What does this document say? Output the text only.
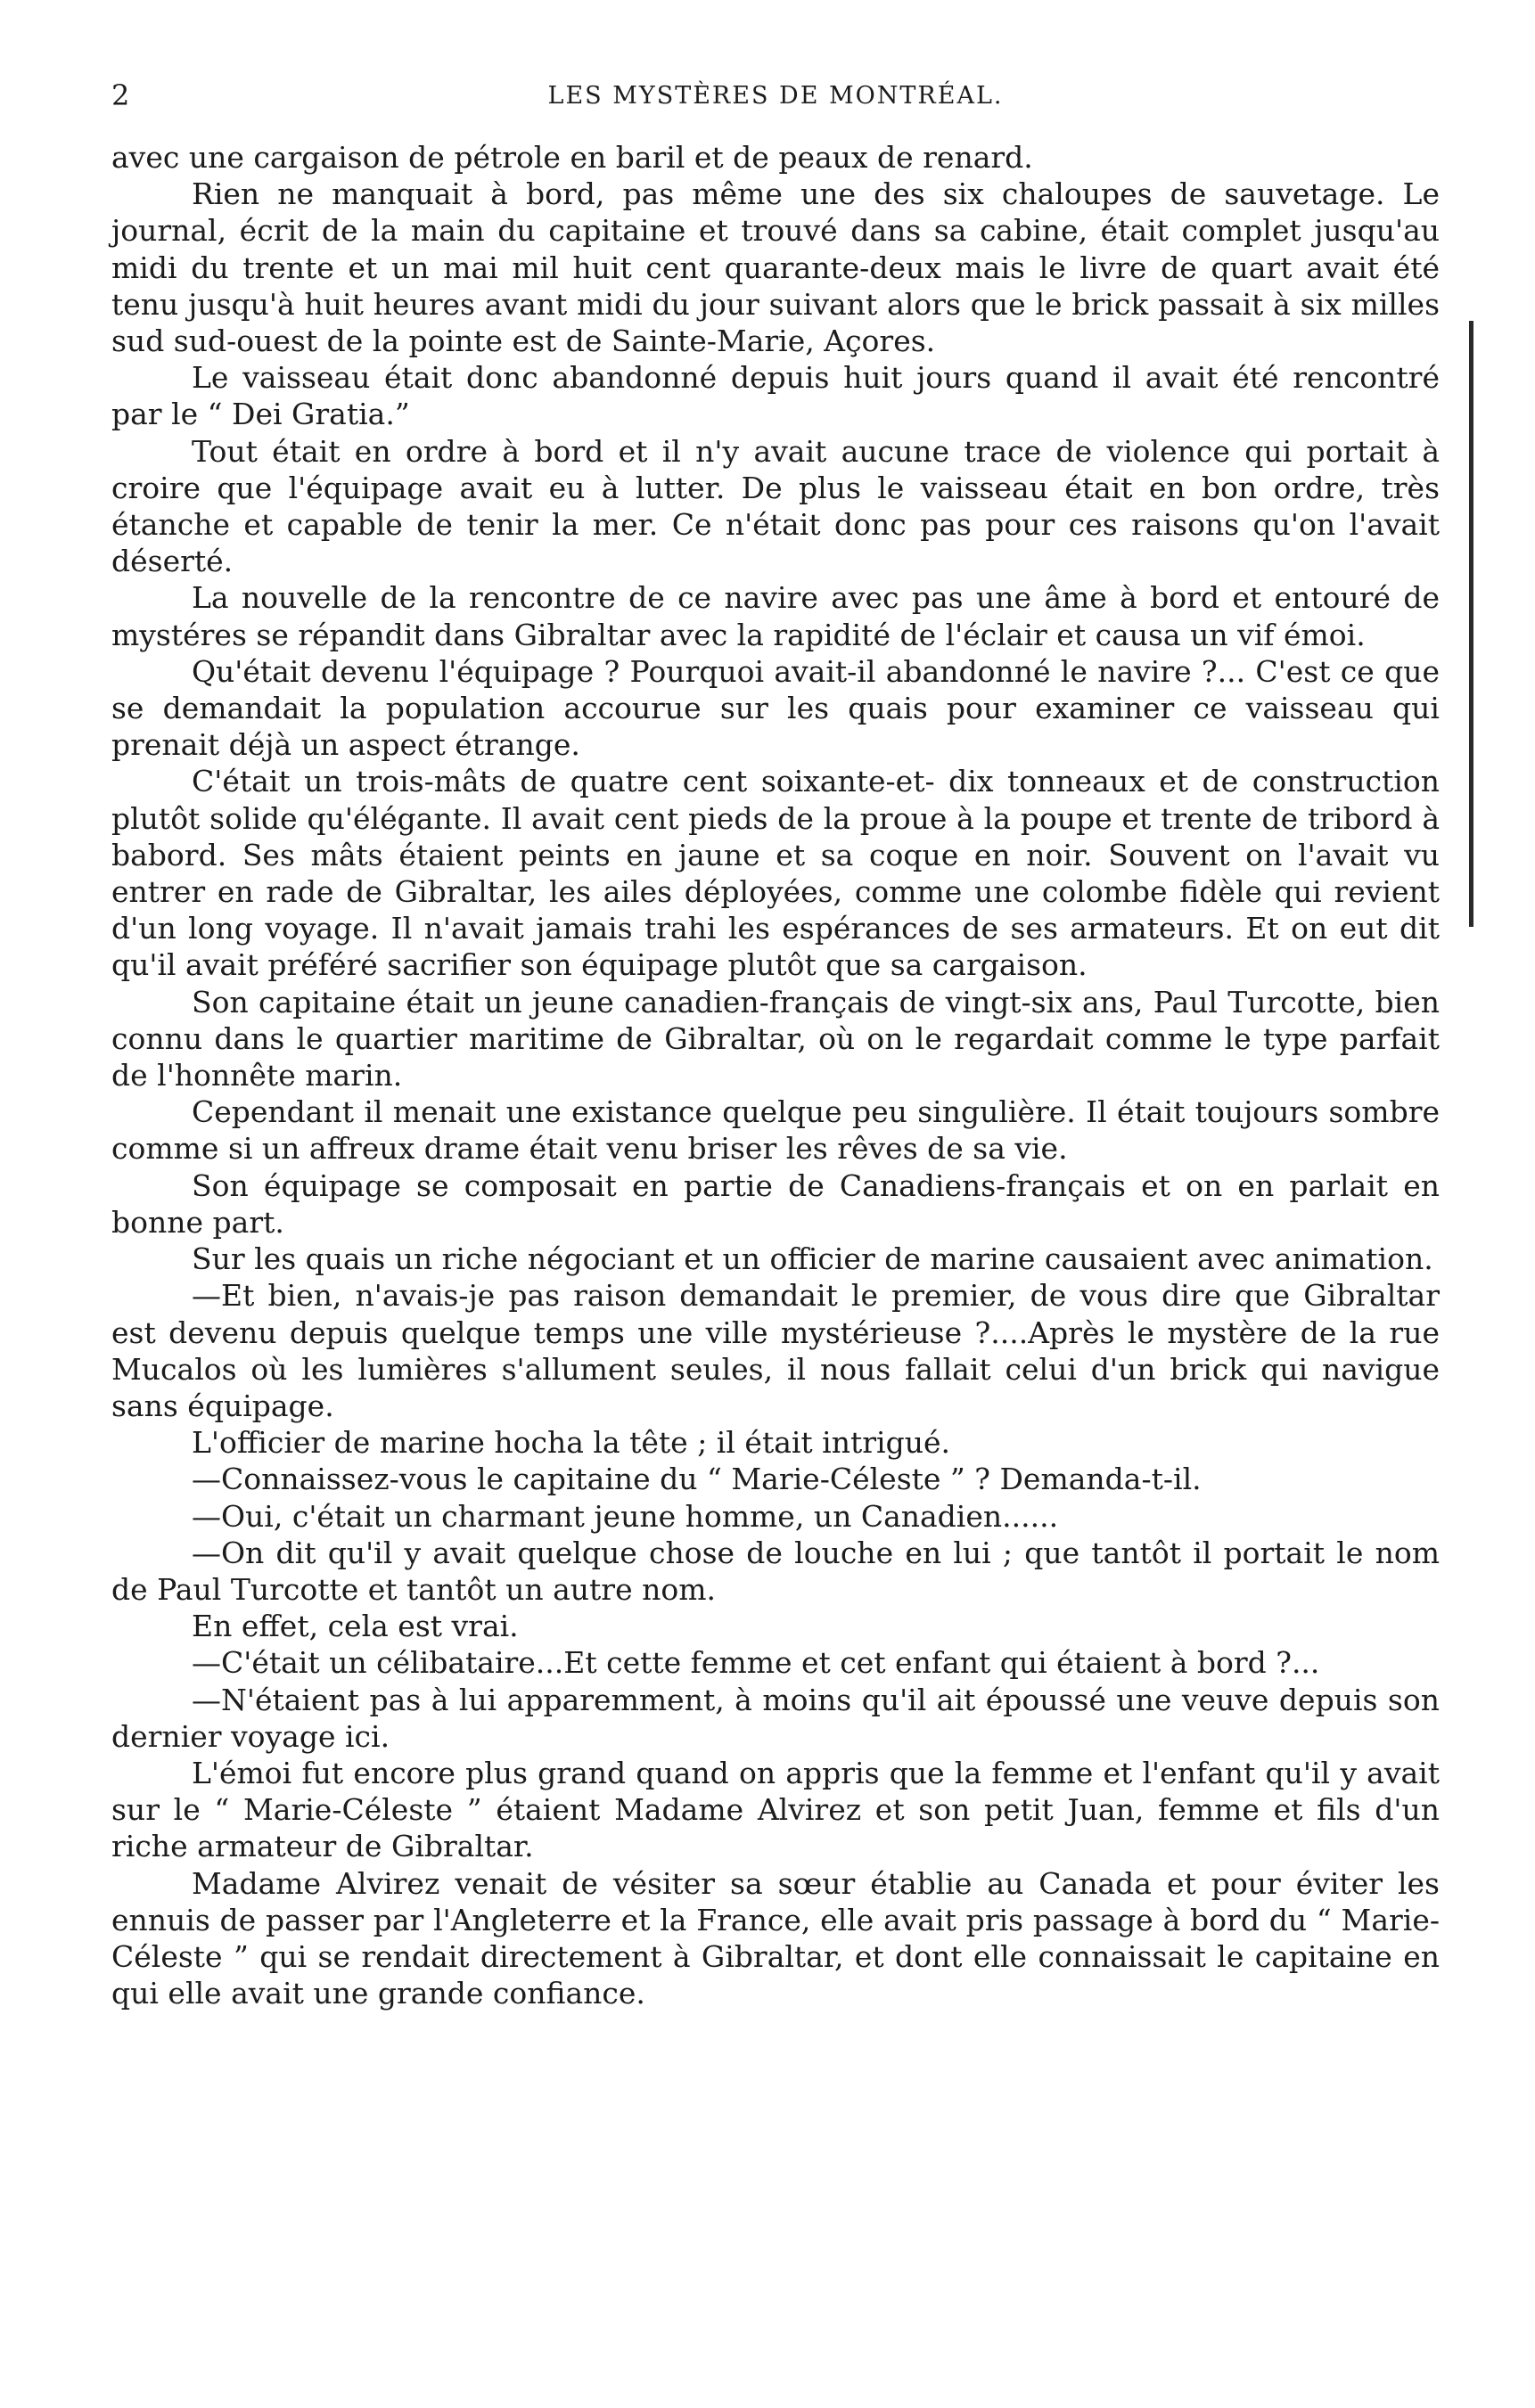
2	LES MYSTÈRES DE MONTRÉAL.

avec une cargaison de pétrole en baril et de peaux de renard.

Rien ne manquait à bord, pas même une des six chaloupes de sauvetage. Le journal, écrit de la main du capitaine et trouvé dans sa cabine, était complet jusqu'au midi du trente et un mai mil huit cent quarante-deux mais le livre de quart avait été tenu jusqu'à huit heures avant midi du jour suivant alors que le brick passait à six milles sud sud-ouest de la pointe est de Sainte-Marie, Açores.

Le vaisseau était donc abandonné depuis huit jours quand il avait été rencontré par le “ Dei Gratia.”

Tout était en ordre à bord et il n'y avait aucune trace de violence qui portait à croire que l'équipage avait eu à lutter. De plus le vaisseau était en bon ordre, très étanche et capable de tenir la mer. Ce n'était donc pas pour ces raisons qu'on l'avait déserté.

La nouvelle de la rencontre de ce navire avec pas une âme à bord et entouré de mystéres se répandit dans Gibraltar avec la rapidité de l'éclair et causa un vif émoi.

Qu'était devenu l'équipage ? Pourquoi avait-il abandonné le navire ?... C'est ce que se demandait la population accourue sur les quais pour examiner ce vaisseau qui prenait déjà un aspect étrange.

C'était un trois-mâts de quatre cent soixante-et- dix tonneaux et de construction plutôt solide qu'élégante. Il avait cent pieds de la proue à la poupe et trente de tribord à babord. Ses mâts étaient peints en jaune et sa coque en noir. Souvent on l'avait vu entrer en rade de Gibraltar, les ailes déployées, comme une colombe fidèle qui revient d'un long voyage. Il n'avait jamais trahi les espérances de ses armateurs. Et on eut dit qu'il avait préféré sacrifier son équipage plutôt que sa cargaison.

Son capitaine était un jeune canadien-français de vingt-six ans, Paul Turcotte, bien connu dans le quartier maritime de Gibraltar, où on le regardait comme le type parfait de l'honnête marin.

Cependant il menait une existance quelque peu singulière. Il était toujours sombre comme si un affreux drame était venu briser les rêves de sa vie.

Son équipage se composait en partie de Canadiens-français et on en parlait en bonne part.

Sur les quais un riche négociant et un officier de marine causaient avec animation.

—Et bien, n'avais-je pas raison demandait le premier, de vous dire que Gibraltar est devenu depuis quelque temps une ville mystérieuse ?....Après le mystère de la rue Mucalos où les lumières s'allument seules, il nous fallait celui d'un brick qui navigue sans équipage.

L'officier de marine hocha la tête ; il était intrigué.

—Connaissez-vous le capitaine du “ Marie-Céleste ” ? Demanda-t-il.

—Oui, c'était un charmant jeune homme, un Canadien......

—On dit qu'il y avait quelque chose de louche en lui ; que tantôt il portait le nom de Paul Turcotte et tantôt un autre nom.

En effet, cela est vrai.

—C'était un célibataire...Et cette femme et cet enfant qui étaient à bord ?...

—N'étaient pas à lui apparemment, à moins qu'il ait époussé une veuve depuis son dernier voyage ici.

L'émoi fut encore plus grand quand on appris que la femme et l'enfant qu'il y avait sur le “ Marie-Céleste ” étaient Madame Alvirez et son petit Juan, femme et fils d'un riche armateur de Gibraltar.

Madame Alvirez venait de vésiter sa sœur établie au Canada et pour éviter les ennuis de passer par l'Angleterre et la France, elle avait pris passage à bord du “ Marie-Céleste ” qui se rendait directement à Gibraltar, et dont elle connaissait le capitaine en qui elle avait une grande confiance.
